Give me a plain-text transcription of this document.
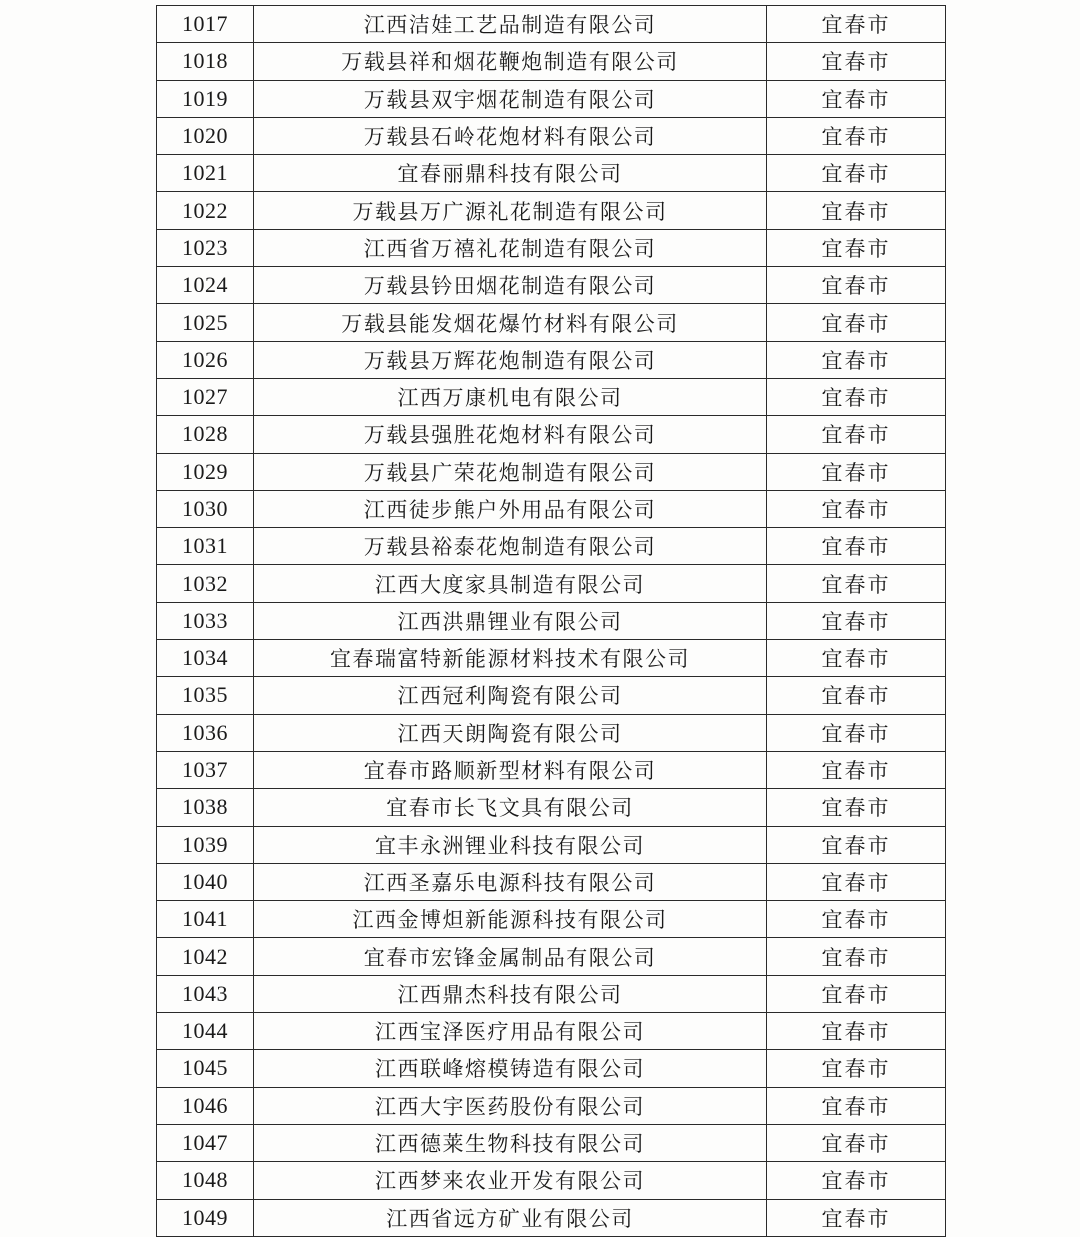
1017	江西洁娃工艺品制造有限公司	宜春市
1018	万载县祥和烟花鞭炮制造有限公司	宜春市
1019	万载县双宇烟花制造有限公司	宜春市
1020	万载县石岭花炮材料有限公司	宜春市
1021	宜春丽鼎科技有限公司	宜春市
1022	万载县万广源礼花制造有限公司	宜春市
1023	江西省万禧礼花制造有限公司	宜春市
1024	万载县钤田烟花制造有限公司	宜春市
1025	万载县能发烟花爆竹材料有限公司	宜春市
1026	万载县万辉花炮制造有限公司	宜春市
1027	江西万康机电有限公司	宜春市
1028	万载县强胜花炮材料有限公司	宜春市
1029	万载县广荣花炮制造有限公司	宜春市
1030	江西徒步熊户外用品有限公司	宜春市
1031	万载县裕泰花炮制造有限公司	宜春市
1032	江西大度家具制造有限公司	宜春市
1033	江西洪鼎锂业有限公司	宜春市
1034	宜春瑞富特新能源材料技术有限公司	宜春市
1035	江西冠利陶瓷有限公司	宜春市
1036	江西天朗陶瓷有限公司	宜春市
1037	宜春市路顺新型材料有限公司	宜春市
1038	宜春市长飞文具有限公司	宜春市
1039	宜丰永洲锂业科技有限公司	宜春市
1040	江西圣嘉乐电源科技有限公司	宜春市
1041	江西金博炟新能源科技有限公司	宜春市
1042	宜春市宏锋金属制品有限公司	宜春市
1043	江西鼎杰科技有限公司	宜春市
1044	江西宝泽医疗用品有限公司	宜春市
1045	江西联峰熔模铸造有限公司	宜春市
1046	江西大宇医药股份有限公司	宜春市
1047	江西德莱生物科技有限公司	宜春市
1048	江西梦来农业开发有限公司	宜春市
1049	江西省远方矿业有限公司	宜春市
